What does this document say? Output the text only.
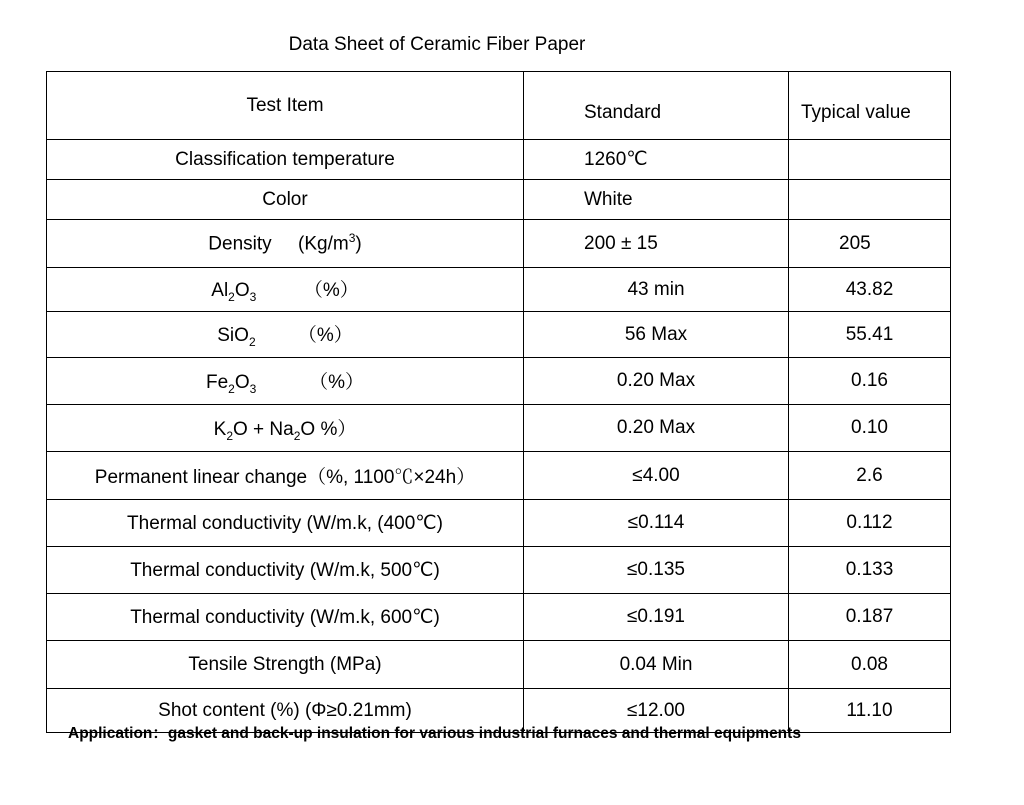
Data Sheet of Ceramic Fiber Paper
Test Item	Standard	Typical value
Classification temperature	1260℃	
Color	White	
Density     $(Kg/m^3)$	200 ± 15	205
$Al_2O_3$         （%）	43 min	43.82
SiO$_2$        （%）	56 Max	55.41
$Fe_2O_3$          （%）	0.20 Max	0.16
$K_2O + Na_2O$ %）	0.20 Max	0.10
Permanent linear change（%, 1100℃×24h）	≤4.00	2.6
Thermal conductivity (W/m.k, (400℃)	≤0.114	0.112
Thermal conductivity (W/m.k, 500℃)	≤0.135	0.133
Thermal conductivity (W/m.k, 600℃)	≤0.191	0.187
Tensile Strength (MPa)	0.04 Min	0.08
Shot content (%) (Φ≥0.21mm)	≤12.00	11.10
Application：gasket and back-up insulation for various industrial furnaces and thermal equipments
